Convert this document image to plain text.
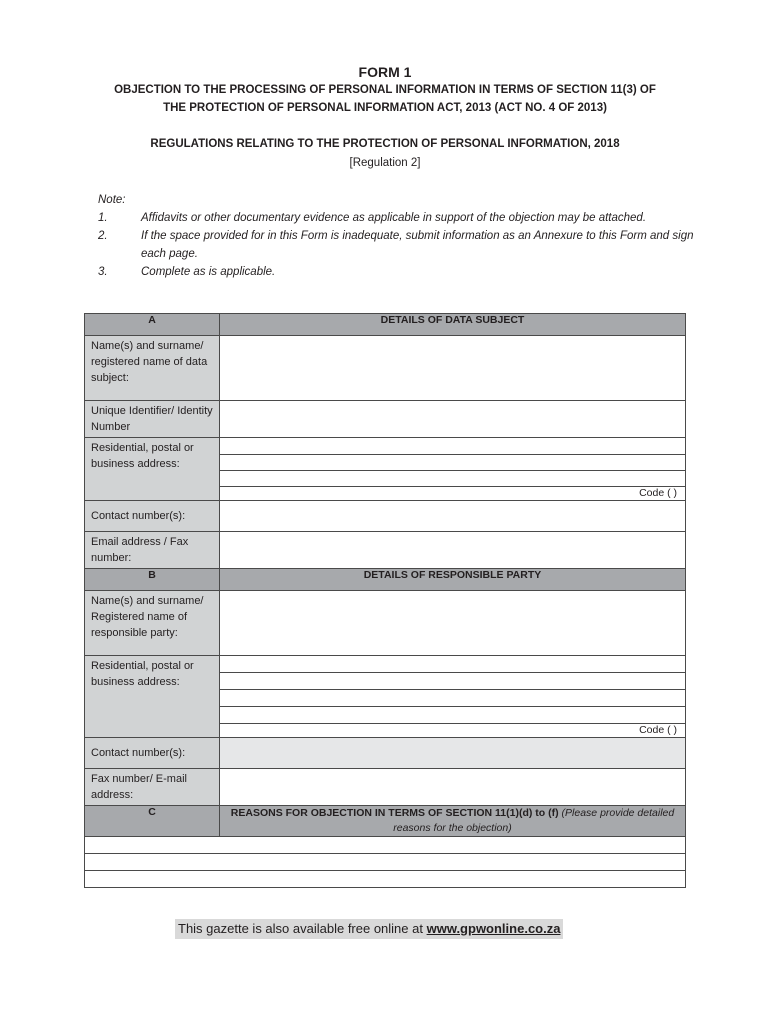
FORM 1
OBJECTION TO THE PROCESSING OF PERSONAL INFORMATION IN TERMS OF SECTION 11(3) OF
THE PROTECTION OF PERSONAL INFORMATION ACT, 2013 (ACT NO. 4 OF 2013)
REGULATIONS RELATING TO THE PROTECTION OF PERSONAL INFORMATION, 2018
[Regulation 2]
Note:
1.	Affidavits or other documentary evidence as applicable in support of the objection may be attached.
2.	If the space provided for in this Form is inadequate, submit information as an Annexure to this Form and sign each page.
3.	Complete as is applicable.
A	DETAILS OF DATA SUBJECT
Name(s) and surname/ registered name of data subject:	
Unique Identifier/ Identity Number	
Residential, postal or business address:	

	Code ( )
Contact number(s):	
Email address / Fax number:	
B	DETAILS OF RESPONSIBLE PARTY
Name(s) and surname/ Registered name of responsible party:	
Residential, postal or business address:	

	Code ( )
Contact number(s):	
Fax number/ E-mail address:	
C	REASONS FOR OBJECTION IN TERMS OF SECTION 11(1)(d) to (f) (Please provide detailed reasons for the objection)

This gazette is also available free online at www.gpwonline.co.za
